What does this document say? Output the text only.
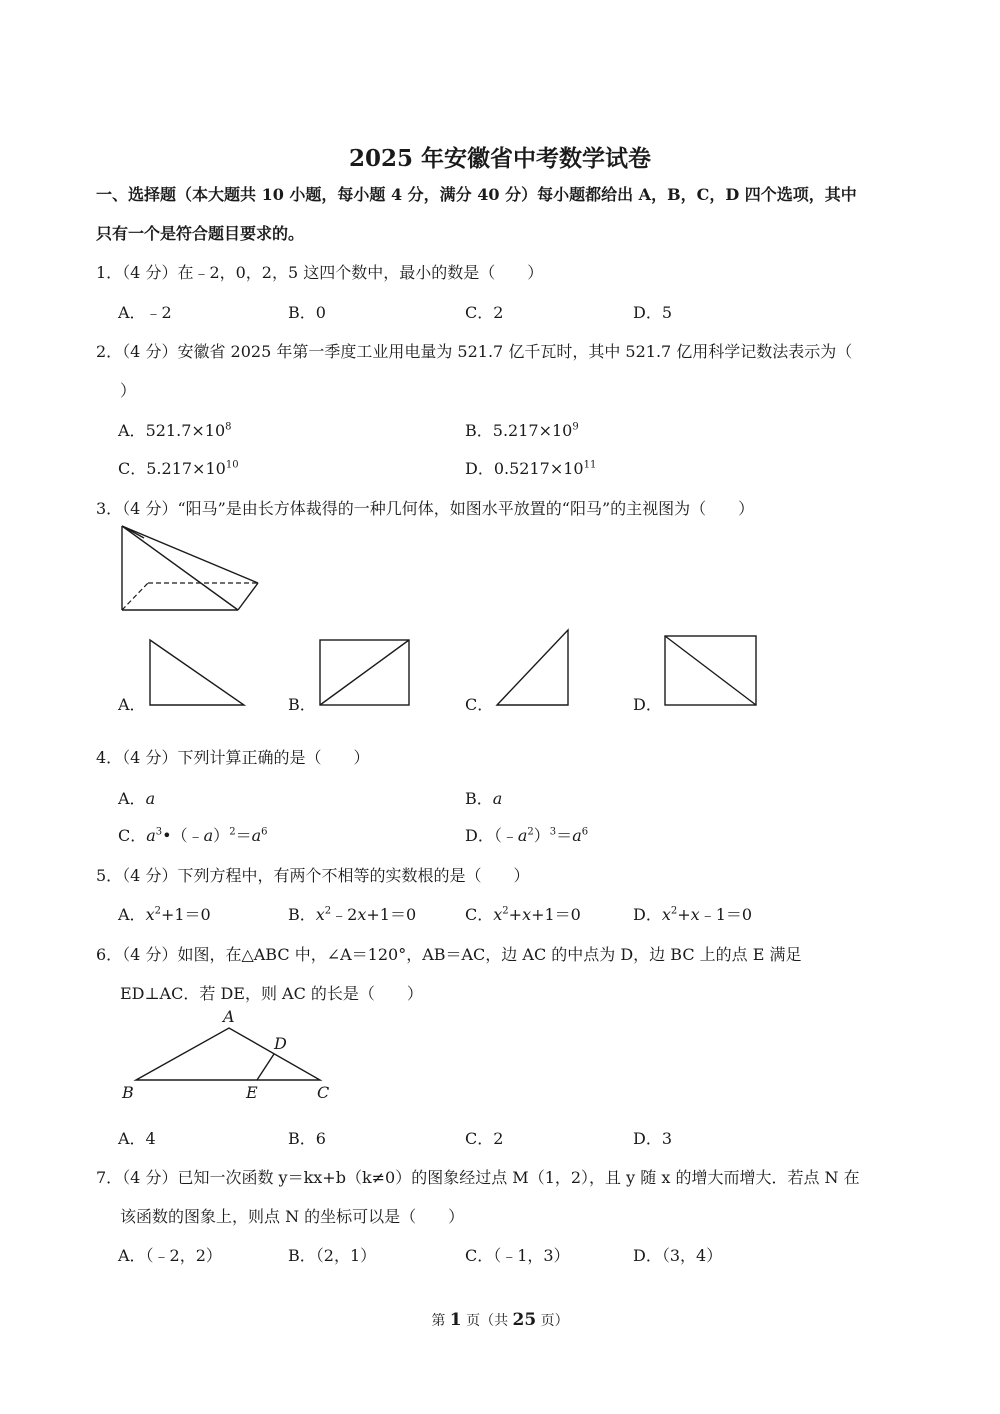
2025 年安徽省中考数学试卷
一、选择题（本大题共 10 小题，每小题 4 分，满分 40 分）每小题都给出 A，B，C，D 四个选项，其中
只有一个是符合题目要求的。
1．（4 分）在﹣2，0，2，5 这四个数中，最小的数是（　　）
A．﹣2	B．0	C．2	D．5
2．（4 分）安徽省 2025 年第一季度工业用电量为 521.7 亿千瓦时，其中 521.7 亿用科学记数法表示为（
）
A．$521.7\times 10^8$	B．$5.217\times 10^9$
C．$5.217\times 10^{10}$	D．$0.5217\times 10^{11}$
3．（4 分）“阳马”是由长方体裁得的一种几何体，如图水平放置的“阳马”的主视图为（　　）
A．	B．	C．	D．
4．（4 分）下列计算正确的是（　　）
A．a	B．a
C．$a^3•(﹣a)^2=a^6$	D．$(﹣a^2)^3=a^6$
5．（4 分）下列方程中，有两个不相等的实数根的是（　　）
A．$x^2+1=0$	B．$x^2﹣2x+1=0$	C．$x^2+x+1=0$	D．$x^2+x﹣1=0$
6．（4 分）如图，在△ABC 中，∠A＝120°，AB＝AC，边 AC 的中点为 D，边 BC 上的点 E 满足
ED⊥AC．若 DE，则 AC 的长是（　　）
A
D
B	E	C
A．4	B．6	C．2	D．3
7．（4 分）已知一次函数 y＝kx+b（k≠0）的图象经过点 M（1，2），且 y 随 x 的增大而增大．若点 N 在
该函数的图象上，则点 N 的坐标可以是（　　）
A．（﹣2，2）	B．（2，1）	C．（﹣1，3）	D．（3，4）
第 1 页（共 25 页）
